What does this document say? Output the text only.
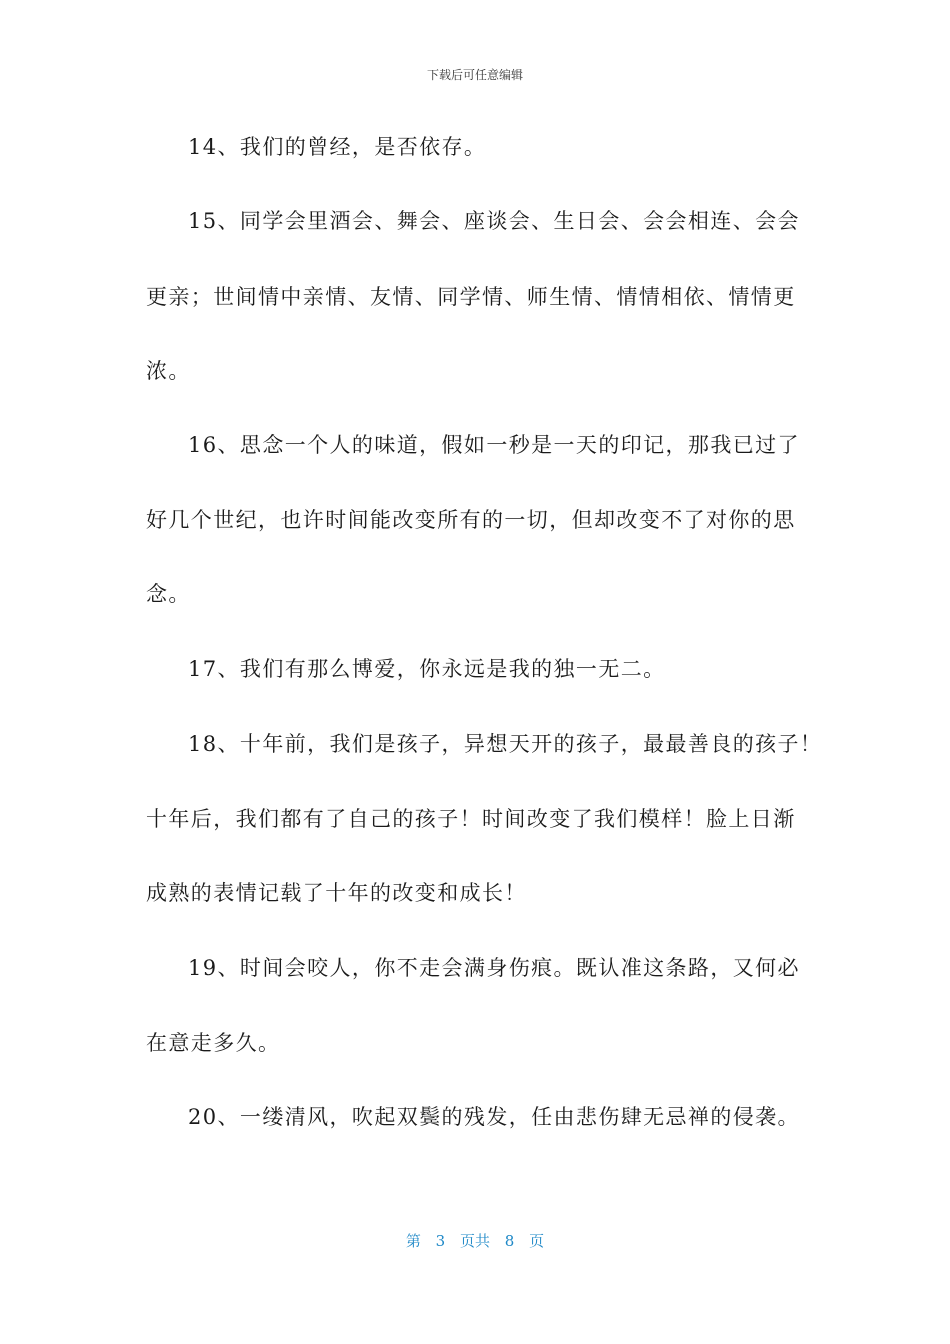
下载后可任意编辑
14、我们的曾经，是否依存。
15、同学会里酒会、舞会、座谈会、生日会、会会相连、会会
更亲；世间情中亲情、友情、同学情、师生情、情情相依、情情更
浓。
16、思念一个人的味道，假如一秒是一天的印记，那我已过了
好几个世纪，也许时间能改变所有的一切，但却改变不了对你的思
念。
17、我们有那么博爱，你永远是我的独一无二。
18、十年前，我们是孩子，异想天开的孩子，最最善良的孩子！
十年后，我们都有了自己的孩子！时间改变了我们模样！脸上日渐
成熟的表情记载了十年的改变和成长！
19、时间会咬人，你不走会满身伤痕。既认准这条路，又何必
在意走多久。
20、一缕清风，吹起双鬓的残发，任由悲伤肆无忌禅的侵袭。
第 3 页共 8 页
